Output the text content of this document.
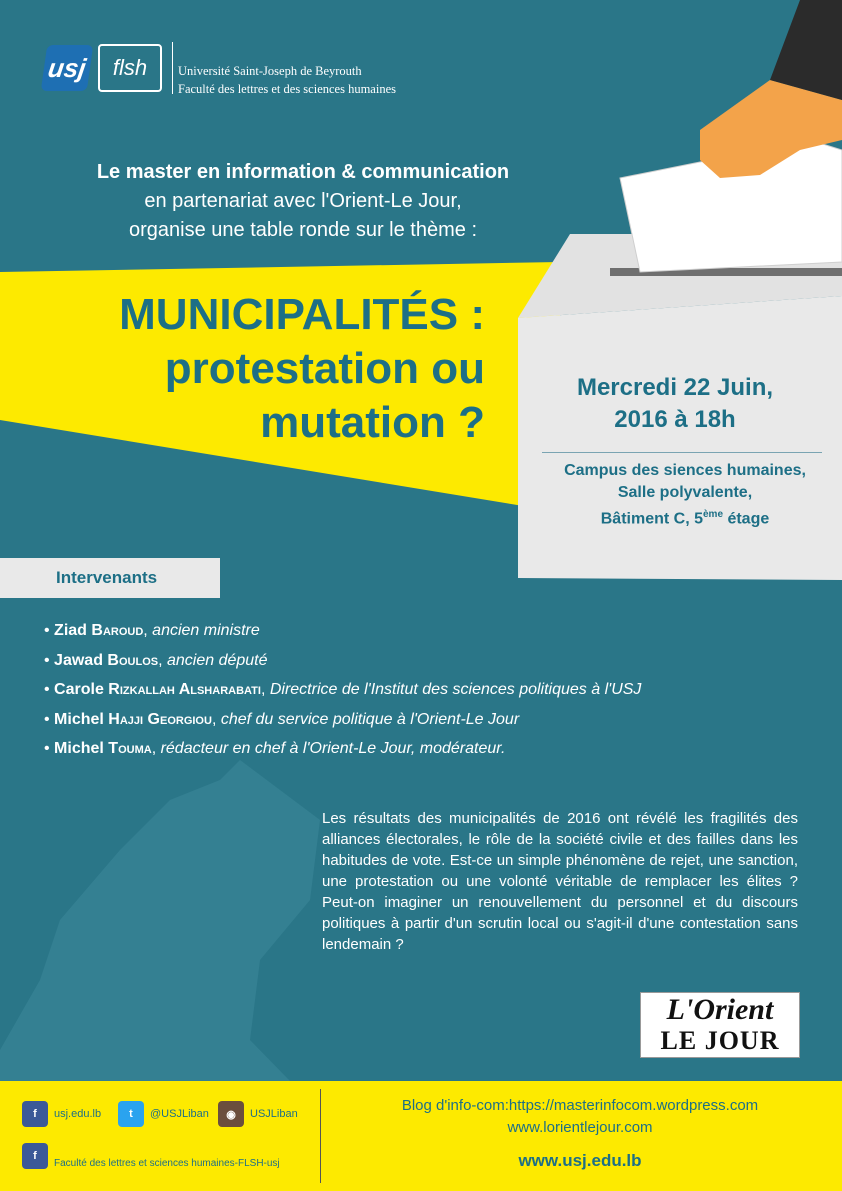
usj	flsh	Université Saint-Joseph de Beyrouth
Faculté des lettres et des sciences humaines
Le master en information & communication
en partenariat avec l'Orient-Le Jour,
organise une table ronde sur le thème :
MUNICIPALITÉS :
protestation ou
mutation ?
Mercredi 22 Juin,
2016 à 18h
Campus des siences humaines,
Salle polyvalente,
Bâtiment C, 5ème étage
Intervenants
• Ziad Baroud, ancien ministre
• Jawad Boulos, ancien député
• Carole Rizkallah Alsharabati, Directrice de l'Institut des sciences politiques à l'USJ
• Michel Hajji Georgiou, chef du service politique à l'Orient-Le Jour
• Michel Touma, rédacteur en chef à l'Orient-Le Jour, modérateur.
Les résultats des municipalités de 2016 ont révélé les fragilités des alliances électorales, le rôle de la société civile et des failles dans les habitudes de vote. Est-ce un simple phénomène de rejet, une sanction, une protestation ou une volonté véritable de remplacer les élites ? Peut-on imaginer un renouvellement du personnel et du discours politiques à partir d'un scrutin local ou s'agit-il d'une contestation sans lendemain ?
L'Orient
LE JOUR
f	usj.edu.lb	t	@USJLiban	◉	USJLiban
f
Faculté des lettres et sciences humaines-FLSH-usj
Blog d'info-com:https://masterinfocom.wordpress.com
www.lorientlejour.com
www.usj.edu.lb
